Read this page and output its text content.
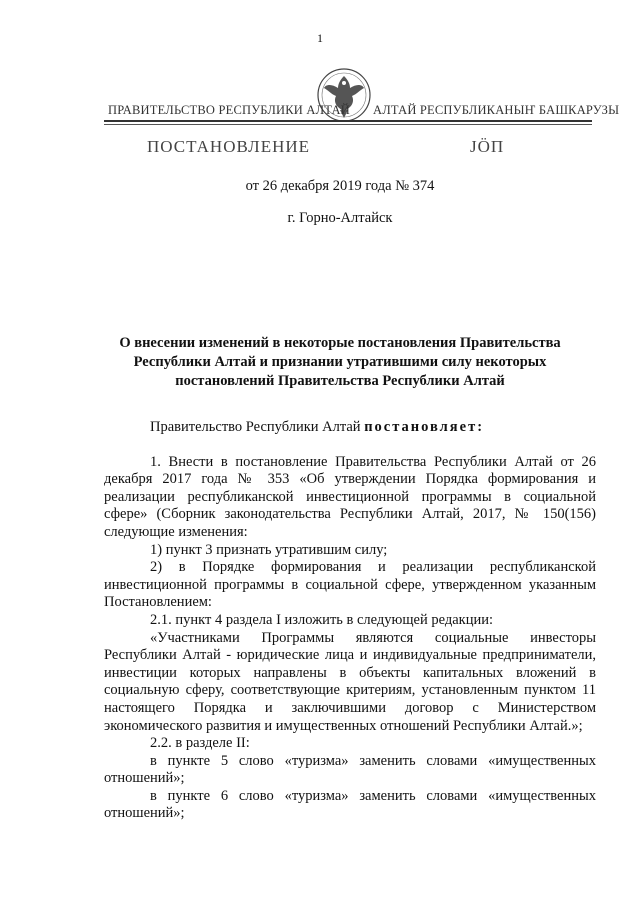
1
ПРАВИТЕЛЬСТВО РЕСПУБЛИКИ АЛТАЙ АЛТАЙ РЕСПУБЛИКАНЫҤ БАШКАРУЗЫ
ПОСТАНОВЛЕНИЕ	JӦП
от 26 декабря 2019 года № 374
г. Горно-Алтайск
О внесении изменений в некоторые постановления Правительства Республики Алтай и признании утратившими силу некоторых постановлений Правительства Республики Алтай

Правительство Республики Алтай постановляет:

1. Внести в постановление Правительства Республики Алтай от 26 декабря 2017 года № 353 «Об утверждении Порядка формирования и реализации республиканской инвестиционной программы в социальной сфере» (Сборник законодательства Республики Алтай, 2017, № 150(156) следующие изменения:

1) пункт 3 признать утратившим силу;

2) в Порядке формирования и реализации республиканской инвестиционной программы в социальной сфере, утвержденном указанным Постановлением:

2.1. пункт 4 раздела I изложить в следующей редакции:

«Участниками Программы являются социальные инвесторы Республики Алтай - юридические лица и индивидуальные предприниматели, инвестиции которых направлены в объекты капитальных вложений в социальную сферу, соответствующие критериям, установленным пунктом 11 настоящего Порядка и заключившими договор с Министерством экономического развития и имущественных отношений Республики Алтай.»;

2.2. в разделе II:

в пункте 5 слово «туризма» заменить словами «имущественных отношений»;

в пункте 6 слово «туризма» заменить словами «имущественных отношений»;
